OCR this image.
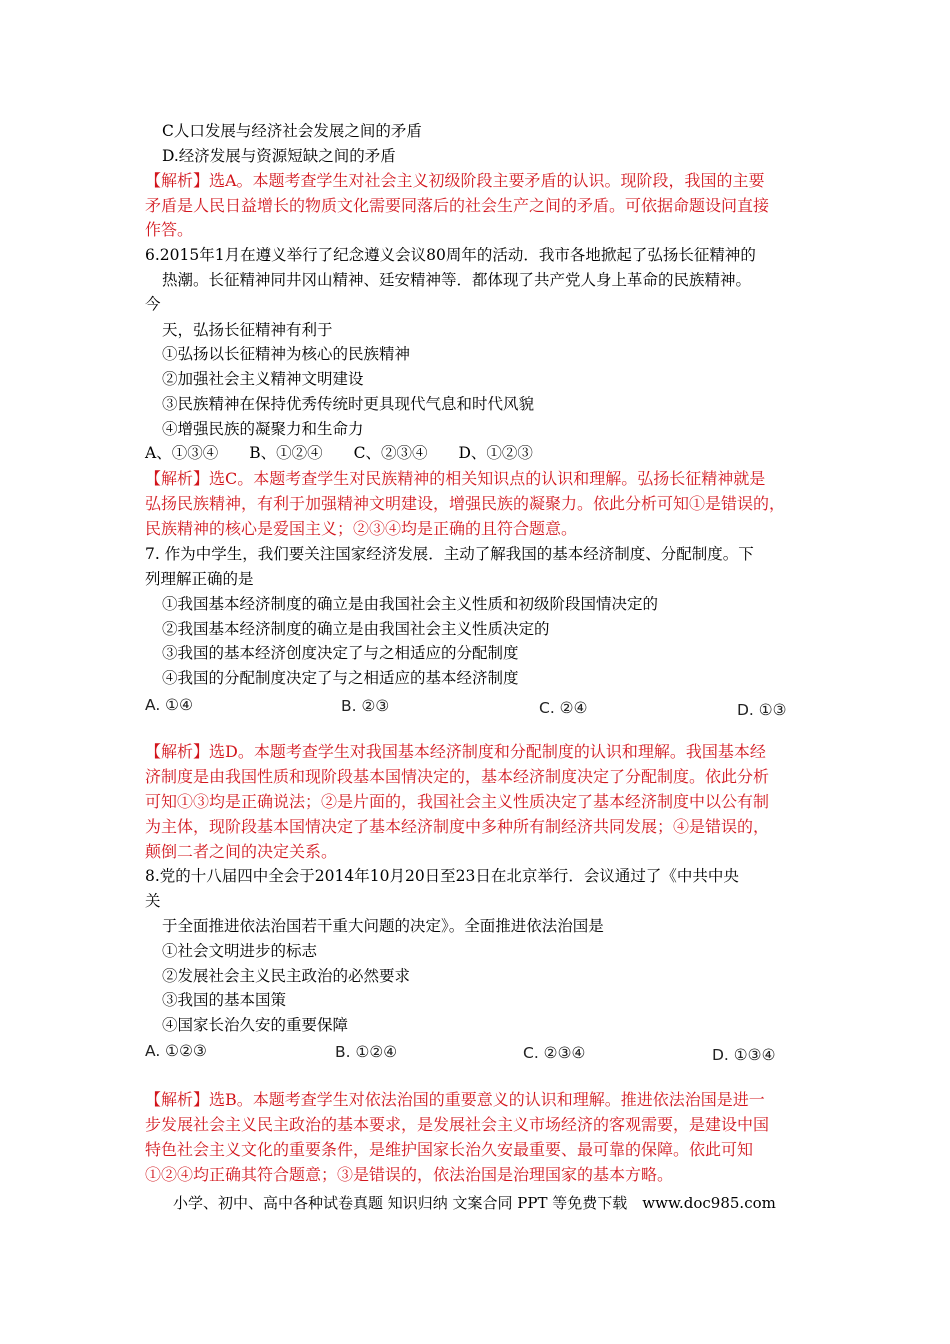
C人口发展与经济社会发展之间的矛盾
D.经济发展与资源短缺之间的矛盾
【解析】选A。本题考查学生对社会主义初级阶段主要矛盾的认识。现阶段，我国的主要
矛盾是人民日益增长的物质文化需要同落后的社会生产之间的矛盾。可依据命题设问直接
作答。
6.2015年1月在遵义举行了纪念遵义会议80周年的活动．我市各地掀起了弘扬长征精神的
热潮。长征精神同井冈山精神、廷安精神等．都体现了共产党人身上革命的民族精神。
今
天，弘扬长征精神有利于
①弘扬以长征精神为核心的民族精神
②加强社会主义精神文明建设
③民族精神在保持优秀传统时更具现代气息和时代风貌
④增强民族的凝聚力和生命力
A、①③④　　B、①②④　　C、②③④　　D、①②③
【解析】选C。本题考查学生对民族精神的相关知识点的认识和理解。弘扬长征精神就是
弘扬民族精神，有利于加强精神文明建设，增强民族的凝聚力。依此分析可知①是错误的，
民族精神的核心是爱国主义；②③④均是正确的且符合题意。
7. 作为中学生，我们要关注国家经济发展．主动了解我国的基本经济制度、分配制度。下
列理解正确的是
①我国基本经济制度的确立是由我国社会主义性质和初级阶段国情决定的
②我国基本经济制度的确立是由我国社会主义性质决定的
③我国的基本经济创度决定了与之相适应的分配制度
④我国的分配制度决定了与之相适应的基本经济制度
A. ①④	B. ②③	C. ②④	D. ①③
【解析】选D。本题考查学生对我国基本经济制度和分配制度的认识和理解。我国基本经
济制度是由我国性质和现阶段基本国情决定的，基本经济制度决定了分配制度。依此分析
可知①③均是正确说法；②是片面的，我国社会主义性质决定了基本经济制度中以公有制
为主体，现阶段基本国情决定了基本经济制度中多种所有制经济共同发展；④是错误的，
颠倒二者之间的决定关系。
8.党的十八届四中全会于2014年10月20日至23日在北京举行．会议通过了《中共中央
关
于全面推进依法治国若干重大问题的决定》。全面推进依法治国是
①社会文明进步的标志
②发展社会主义民主政治的必然要求
③我国的基本国策
④国家长治久安的重要保障
A. ①②③	B. ①②④	C. ②③④	D. ①③④
【解析】选B。本题考查学生对依法治国的重要意义的认识和理解。推进依法治国是进一
步发展社会主义民主政治的基本要求，是发展社会主义市场经济的客观需要，是建设中国
特色社会主义文化的重要条件，是维护国家长治久安最重要、最可靠的保障。依此可知
①②④均正确其符合题意；③是错误的，依法治国是治理国家的基本方略。
小学、初中、高中各种试卷真题 知识归纳 文案合同 PPT 等免费下载　www.doc985.com
